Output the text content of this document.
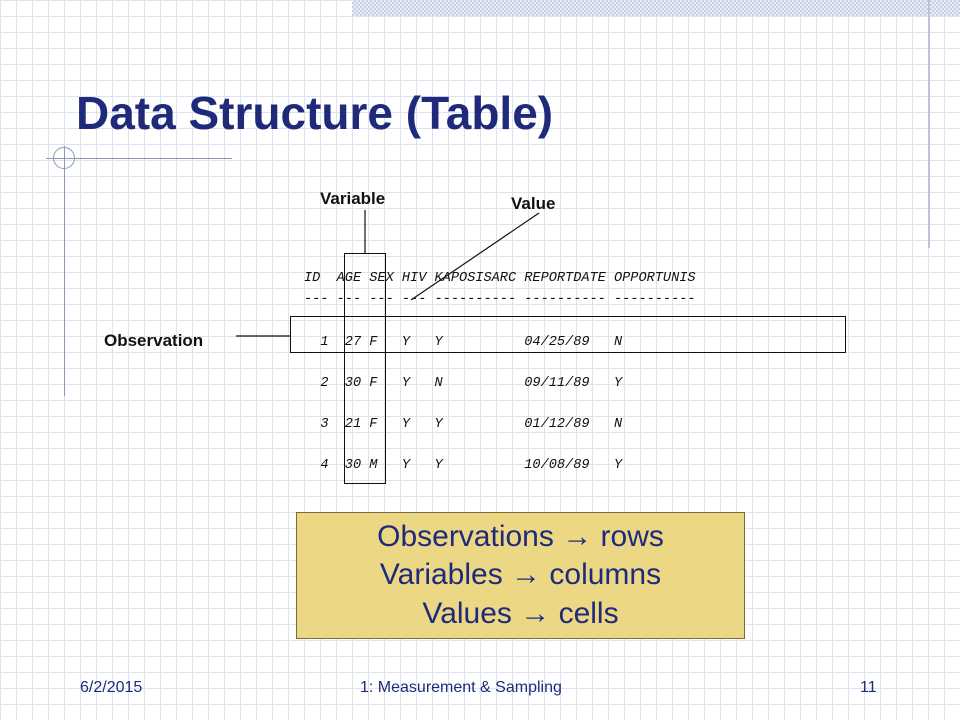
Data Structure (Table)
Variable	Value
Observation
ID  AGE SEX HIV KAPOSISARC REPORTDATE OPPORTUNIS
--- --- --- --- ---------- ---------- ----------
1  27 F   Y   Y          04/25/89   N
2  30 F   Y   N          09/11/89   Y
3  21 F   Y   Y          01/12/89   N
4  30 M   Y   Y          10/08/89   Y
Observations → rows
Variables → columns
Values → cells
6/2/2015	1: Measurement & Sampling	11
